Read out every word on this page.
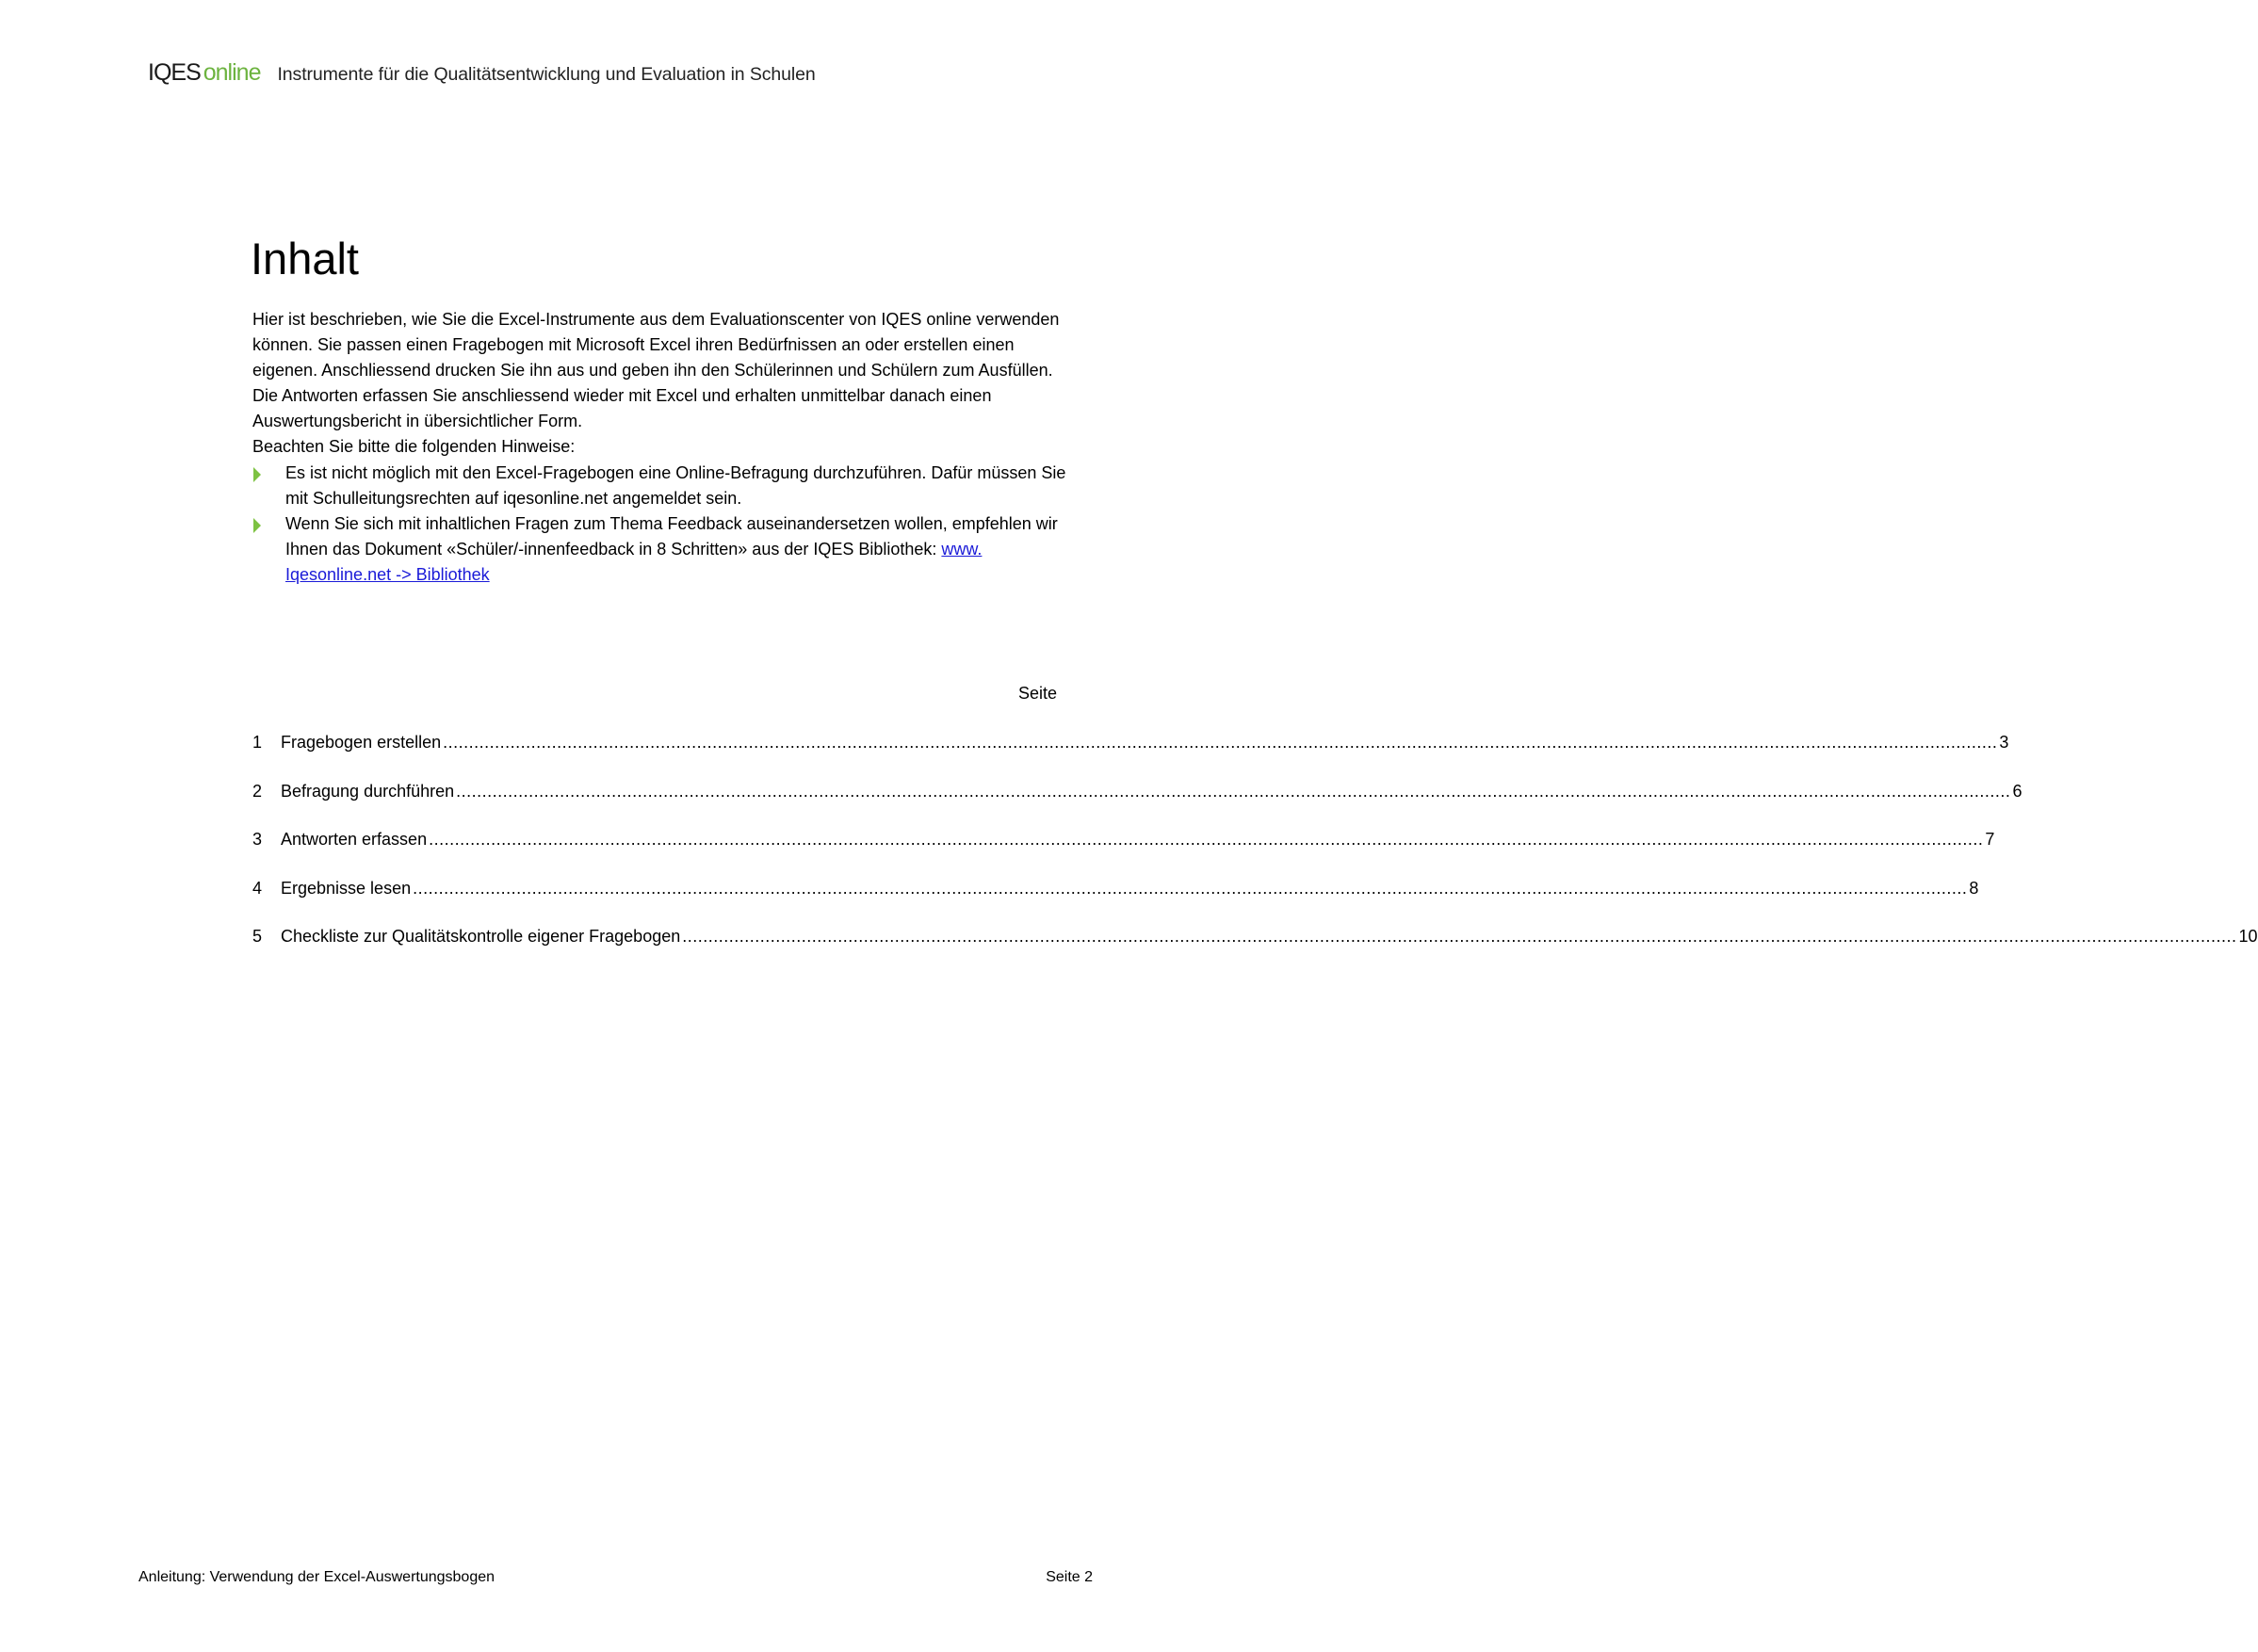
IQES online Instrumente für die Qualitätsentwicklung und Evaluation in Schulen
Inhalt

Hier ist beschrieben, wie Sie die Excel-Instrumente aus dem Evaluationscenter von IQES online verwenden können. Sie passen einen Fragebogen mit Microsoft Excel ihren Bedürfnissen an oder erstellen einen eigenen. Anschliessend drucken Sie ihn aus und geben ihn den Schülerinnen und Schülern zum Ausfüllen. Die Antworten erfassen Sie anschliessend wieder mit Excel und erhalten unmittelbar danach einen Auswertungsbericht in übersichtlicher Form.

Beachten Sie bitte die folgenden Hinweise:

Es ist nicht möglich mit den Excel-Fragebogen eine Online-Befragung durchzuführen. Dafür müssen Sie mit Schulleitungsrechten auf iqesonline.net angemeldet sein.
Wenn Sie sich mit inhaltlichen Fragen zum Thema Feedback auseinandersetzen wollen, empfehlen wir Ihnen das Dokument «Schüler/-innenfeedback in 8 Schritten» aus der IQES Bibliothek: www. Iqesonline.net -> Bibliothek
Seite
1	Fragebogen erstellen ............................................................................................................................................................................................................................................................................................................ 3
2	Befragung durchführen ............................................................................................................................................................................................................................................................................................................ 6
3	Antworten erfassen ............................................................................................................................................................................................................................................................................................................ 7
4	Ergebnisse lesen ............................................................................................................................................................................................................................................................................................................ 8
5	Checkliste zur Qualitätskontrolle eigener Fragebogen ............................................................................................................................................................................................................................................................................................................ 10
Anleitung: Verwendung der Excel-Auswertungsbogen	Seite 2
